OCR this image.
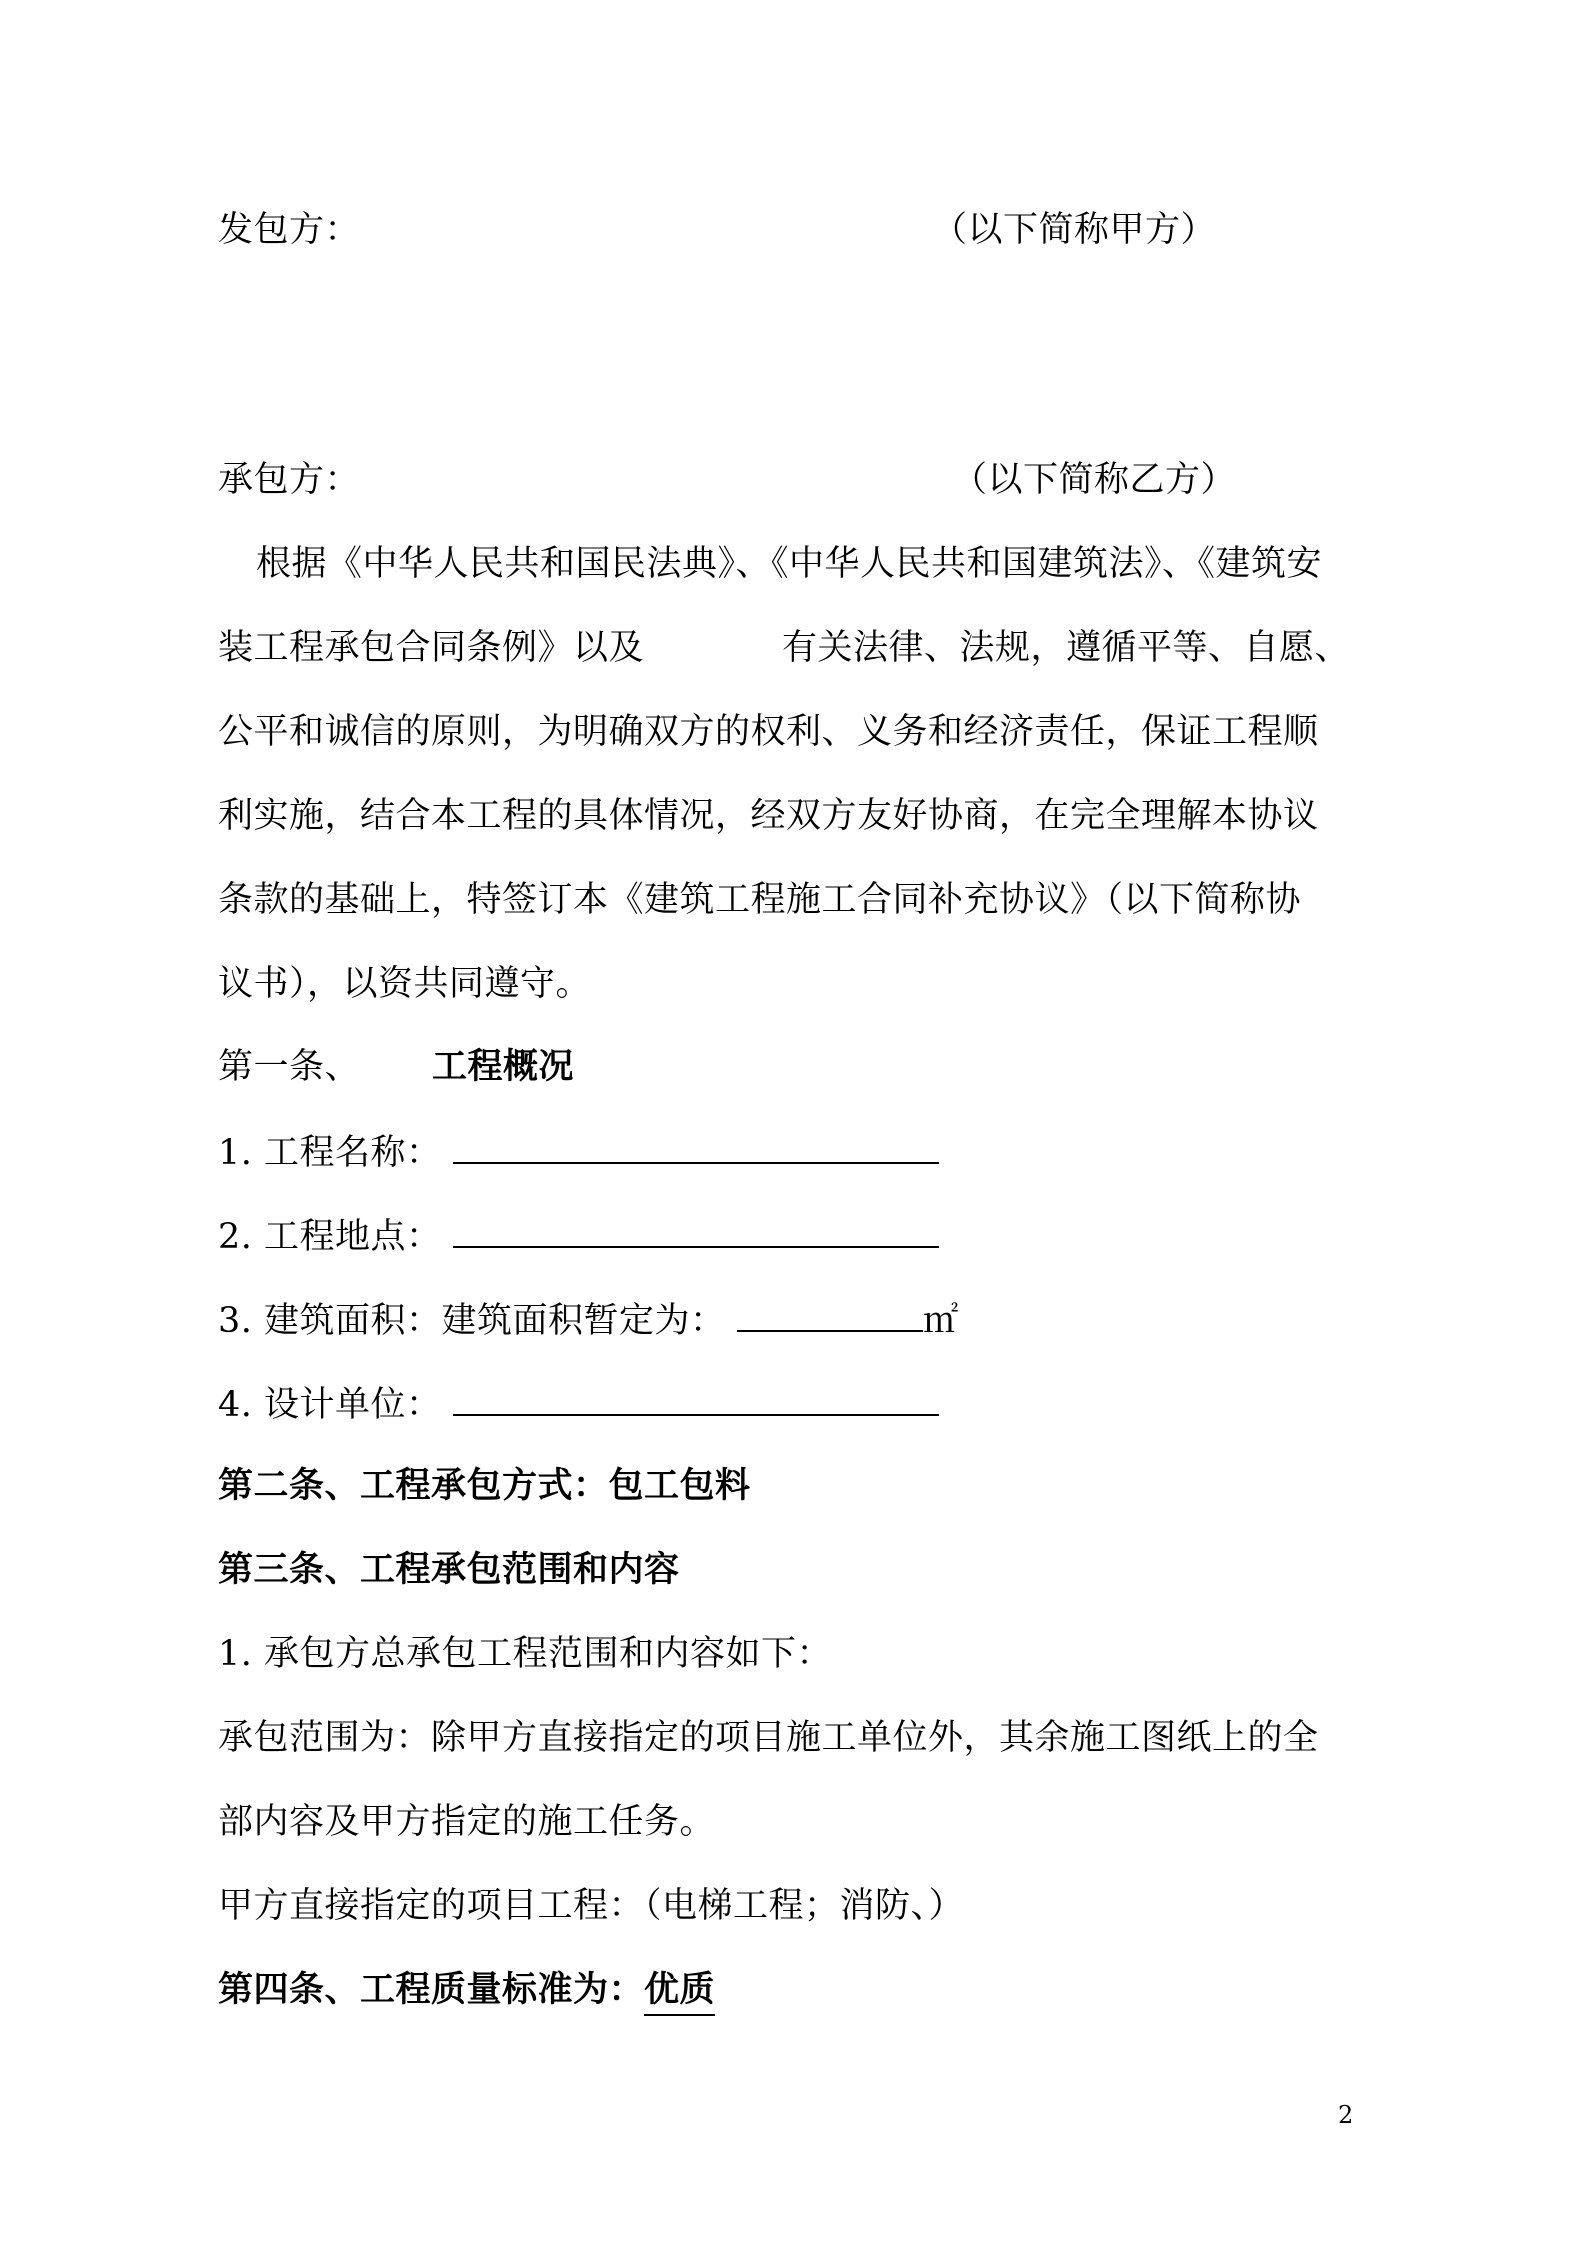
发包方：	（以下简称甲方）
承包方：	（以下简称乙方）
根据《中华人民共和国民法典》、《中华人民共和国建筑法》、《建筑安
装工程承包合同条例》以及	有关法律、法规，遵循平等、自愿、
公平和诚信的原则，为明确双方的权利、义务和经济责任，保证工程顺
利实施，结合本工程的具体情况，经双方友好协商，在完全理解本协议
条款的基础上，特签订本《建筑工程施工合同补充协议》（以下简称协
议书），以资共同遵守。
第一条、 工程概况
1. 工程名称：
2. 工程地点：
3. 建筑面积：建筑面积暂定为：	㎡
4. 设计单位：
第二条、工程承包方式：包工包料
第三条、工程承包范围和内容
1. 承包方总承包工程范围和内容如下：
承包范围为：除甲方直接指定的项目施工单位外，其余施工图纸上的全
部内容及甲方指定的施工任务。
甲方直接指定的项目工程：（电梯工程；消防、）
第四条、工程质量标准为：优质
2
